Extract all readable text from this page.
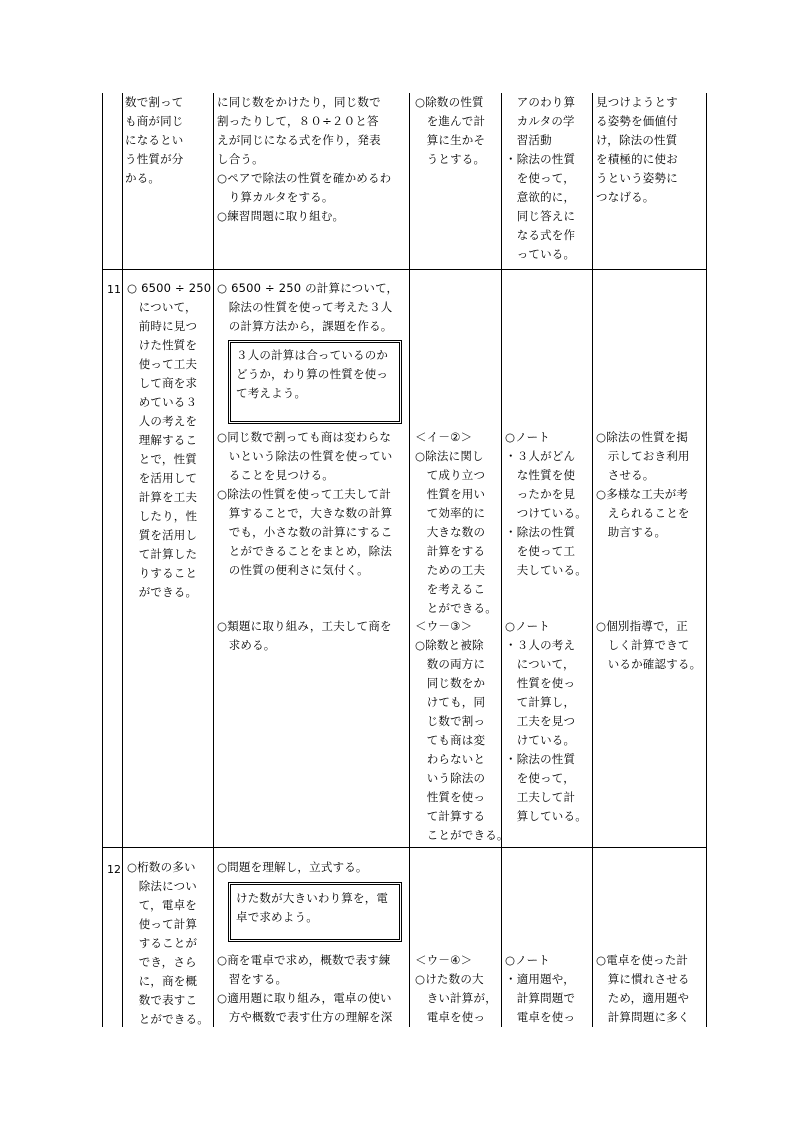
数で割って
も商が同じ
になるとい
う性質が分
かる。
に同じ数をかけたり，同じ数で
割ったりして，８０÷２０と答
えが同じになる式を作り，発表
し合う。
○ペアで除法の性質を確かめるわ
　り算カルタをする。
○練習問題に取り組む。
○除数の性質
　を進んで計
　算に生かそ
　うとする。
　アのわり算
　カルタの学
　習活動
・除法の性質
　を使って，
　意欲的に，
　同じ答えに
　なる式を作
　っている。
見つけようとす
る姿勢を価値付
け，除法の性質
を積極的に使お
うという姿勢に
つなげる。
11 ○ 6500 ÷ 250
　について，
　前時に見つ
　けた性質を
　使って工夫
　して商を求
　めている３
　人の考えを
　理解するこ
　とで，性質
　を活用して
　計算を工夫
　したり，性
　質を活用し
　て計算した
　りすること
　ができる。
○ 6500 ÷ 250 の計算について，
　除法の性質を使って考えた３人
　の計算方法から，課題を作る。
３人の計算は合っているのか
どうか，わり算の性質を使っ
て考えよう。
○同じ数で割っても商は変わらな
　いという除法の性質を使ってい
　ることを見つける。
○除法の性質を使って工夫して計
　算することで，大きな数の計算
　でも，小さな数の計算にするこ
　とができることをまとめ，除法
　の性質の便利さに気付く。
○類題に取り組み，工夫して商を
　求める。
＜イ－②＞
○除法に関し
　て成り立つ
　性質を用い
　て効率的に
　大きな数の
　計算をする
　ための工夫
　を考えるこ
　とができる。
＜ウ－③＞
○除数と被除
　数の両方に
　同じ数をか
　けても，同
　じ数で割っ
　ても商は変
　わらないと
　いう除法の
　性質を使っ
　て計算する
　ことができる。
○ノート
・３人がどん
　な性質を使
　ったかを見
　つけている。
・除法の性質
　を使って工
　夫している。
○ノート
・３人の考え
　について，
　性質を使っ
　て計算し，
　工夫を見つ
　けている。
・除法の性質
　を使って，
　工夫して計
　算している。
○除法の性質を掲
　示しておき利用
　させる。
○多様な工夫が考
　えられることを
　助言する。
○個別指導で，正
　しく計算できて
　いるか確認する。
12 ○桁数の多い
　除法につい
　て，電卓を
　使って計算
　することが
　でき，さら
　に，商を概
　数で表すこ
　とができる。
○問題を理解し，立式する。
けた数が大きいわり算を，電
卓で求めよう。
○商を電卓で求め，概数で表す練
　習をする。
○適用題に取り組み，電卓の使い
　方や概数で表す仕方の理解を深
＜ウ－④＞
○けた数の大
　きい計算が，
　電卓を使っ
○ノート
・適用題や，
　計算問題で
　電卓を使っ
○電卓を使った計
　算に慣れさせる
　ため，適用題や
　計算問題に多く
